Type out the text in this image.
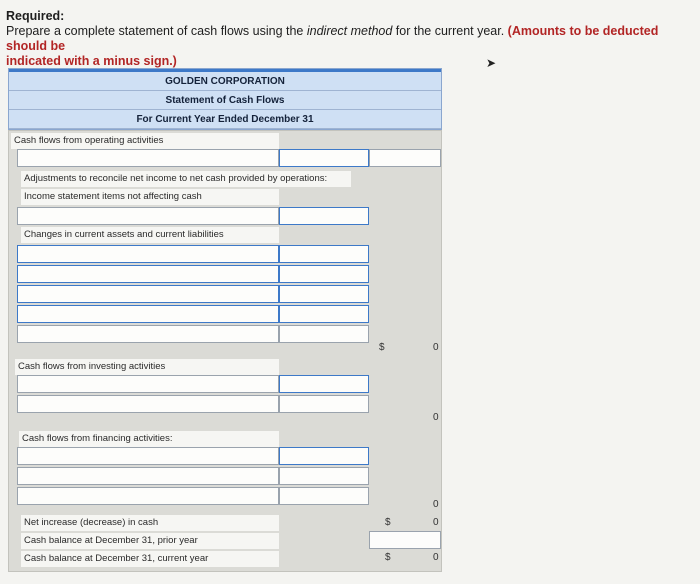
Required:
Prepare a complete statement of cash flows using the indirect method for the current year. (Amounts to be deducted should be
indicated with a minus sign.)	➤
GOLDEN CORPORATION
Statement of Cash Flows
For Current Year Ended December 31
Cash flows from operating activities
Adjustments to reconcile net income to net cash provided by operations:
Income statement items not affecting cash
Changes in current assets and current liabilities
$	0
Cash flows from investing activities
0
Cash flows from financing activities:
0
Net increase (decrease) in cash	$	0
Cash balance at December 31, prior year
Cash balance at December 31, current year	$	0
